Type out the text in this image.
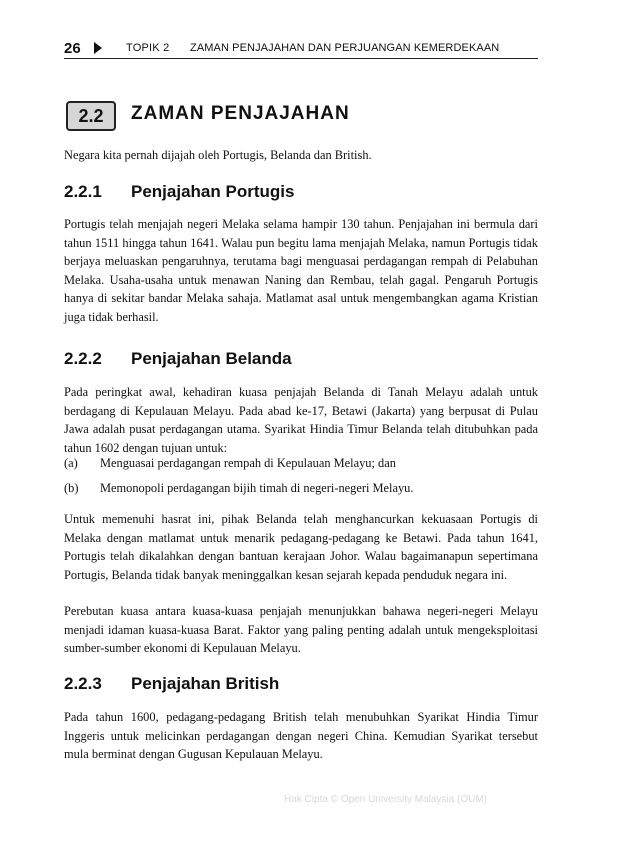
26	TOPIK 2 ZAMAN PENJAJAHAN DAN PERJUANGAN KEMERDEKAAN
2.2	ZAMAN PENJAJAHAN
Negara kita pernah dijajah oleh Portugis, Belanda dan British.
2.2.1 Penjajahan Portugis
Portugis telah menjajah negeri Melaka selama hampir 130 tahun. Penjajahan ini bermula dari tahun 1511 hingga tahun 1641. Walau pun begitu lama menjajah Melaka, namun Portugis tidak berjaya meluaskan pengaruhnya, terutama bagi menguasai perdagangan rempah di Pelabuhan Melaka. Usaha-usaha untuk menawan Naning dan Rembau, telah gagal. Pengaruh Portugis hanya di sekitar bandar Melaka sahaja. Matlamat asal untuk mengembangkan agama Kristian juga tidak berhasil.
2.2.2 Penjajahan Belanda
Pada peringkat awal, kehadiran kuasa penjajah Belanda di Tanah Melayu adalah untuk berdagang di Kepulauan Melayu. Pada abad ke-17, Betawi (Jakarta) yang berpusat di Pulau Jawa adalah pusat perdagangan utama. Syarikat Hindia Timur Belanda telah ditubuhkan pada tahun 1602 dengan tujuan untuk:
(a) Menguasai perdagangan rempah di Kepulauan Melayu; dan
(b) Memonopoli perdagangan bijih timah di negeri-negeri Melayu.
Untuk memenuhi hasrat ini, pihak Belanda telah menghancurkan kekuasaan Portugis di Melaka dengan matlamat untuk menarik pedagang-pedagang ke Betawi. Pada tahun 1641, Portugis telah dikalahkan dengan bantuan kerajaan Johor. Walau bagaimanapun sepertimana Portugis, Belanda tidak banyak meninggalkan kesan sejarah kepada penduduk negara ini.
Perebutan kuasa antara kuasa-kuasa penjajah menunjukkan bahawa negeri-negeri Melayu menjadi idaman kuasa-kuasa Barat. Faktor yang paling penting adalah untuk mengeksploitasi sumber-sumber ekonomi di Kepulauan Melayu.
2.2.3 Penjajahan British
Pada tahun 1600, pedagang-pedagang British telah menubuhkan Syarikat Hindia Timur Inggeris untuk melicinkan perdagangan dengan negeri China. Kemudian Syarikat tersebut mula berminat dengan Gugusan Kepulauan Melayu.
Hak Cipta © Open University Malaysia (OUM)
